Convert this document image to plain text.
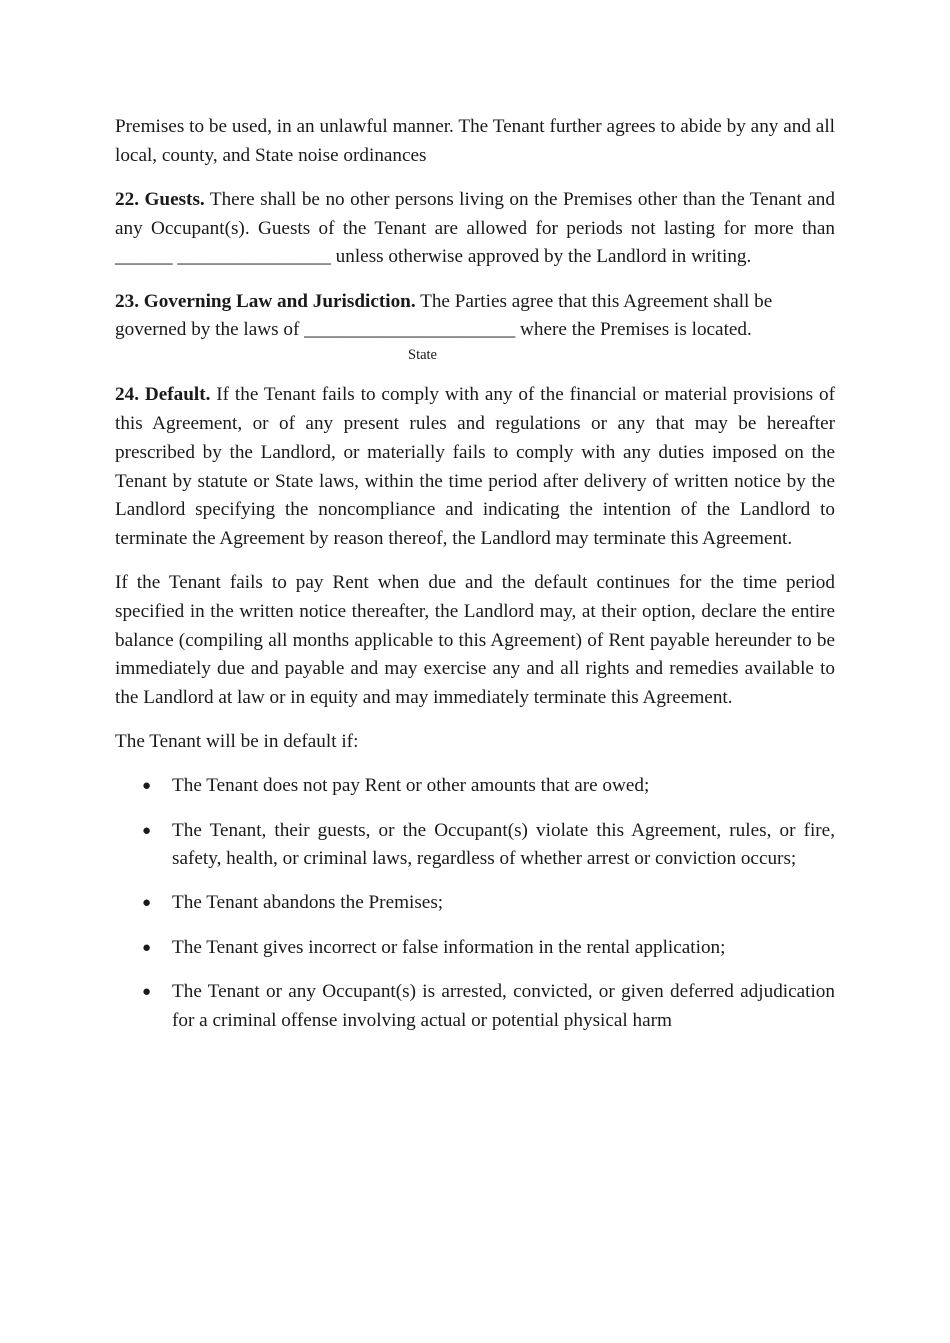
Premises to be used, in an unlawful manner. The Tenant further agrees to abide by any and all local, county, and State noise ordinances

22. Guests. There shall be no other persons living on the Premises other than the Tenant and any Occupant(s). Guests of the Tenant are allowed for periods not lasting for more than ______ ________________ unless otherwise approved by the Landlord in writing.

23. Governing Law and Jurisdiction. The Parties agree that this Agreement shall be governed by the laws of ______________________ where the Premises is located.

State

24. Default. If the Tenant fails to comply with any of the financial or material provisions of this Agreement, or of any present rules and regulations or any that may be hereafter prescribed by the Landlord, or materially fails to comply with any duties imposed on the Tenant by statute or State laws, within the time period after delivery of written notice by the Landlord specifying the noncompliance and indicating the intention of the Landlord to terminate the Agreement by reason thereof, the Landlord may terminate this Agreement.

If the Tenant fails to pay Rent when due and the default continues for the time period specified in the written notice thereafter, the Landlord may, at their option, declare the entire balance (compiling all months applicable to this Agreement) of Rent payable hereunder to be immediately due and payable and may exercise any and all rights and remedies available to the Landlord at law or in equity and may immediately terminate this Agreement.

The Tenant will be in default if:

● The Tenant does not pay Rent or other amounts that are owed;
● The Tenant, their guests, or the Occupant(s) violate this Agreement, rules, or fire, safety, health, or criminal laws, regardless of whether arrest or conviction occurs;
● The Tenant abandons the Premises;
● The Tenant gives incorrect or false information in the rental application;
● The Tenant or any Occupant(s) is arrested, convicted, or given deferred adjudication for a criminal offense involving actual or potential physical harm
